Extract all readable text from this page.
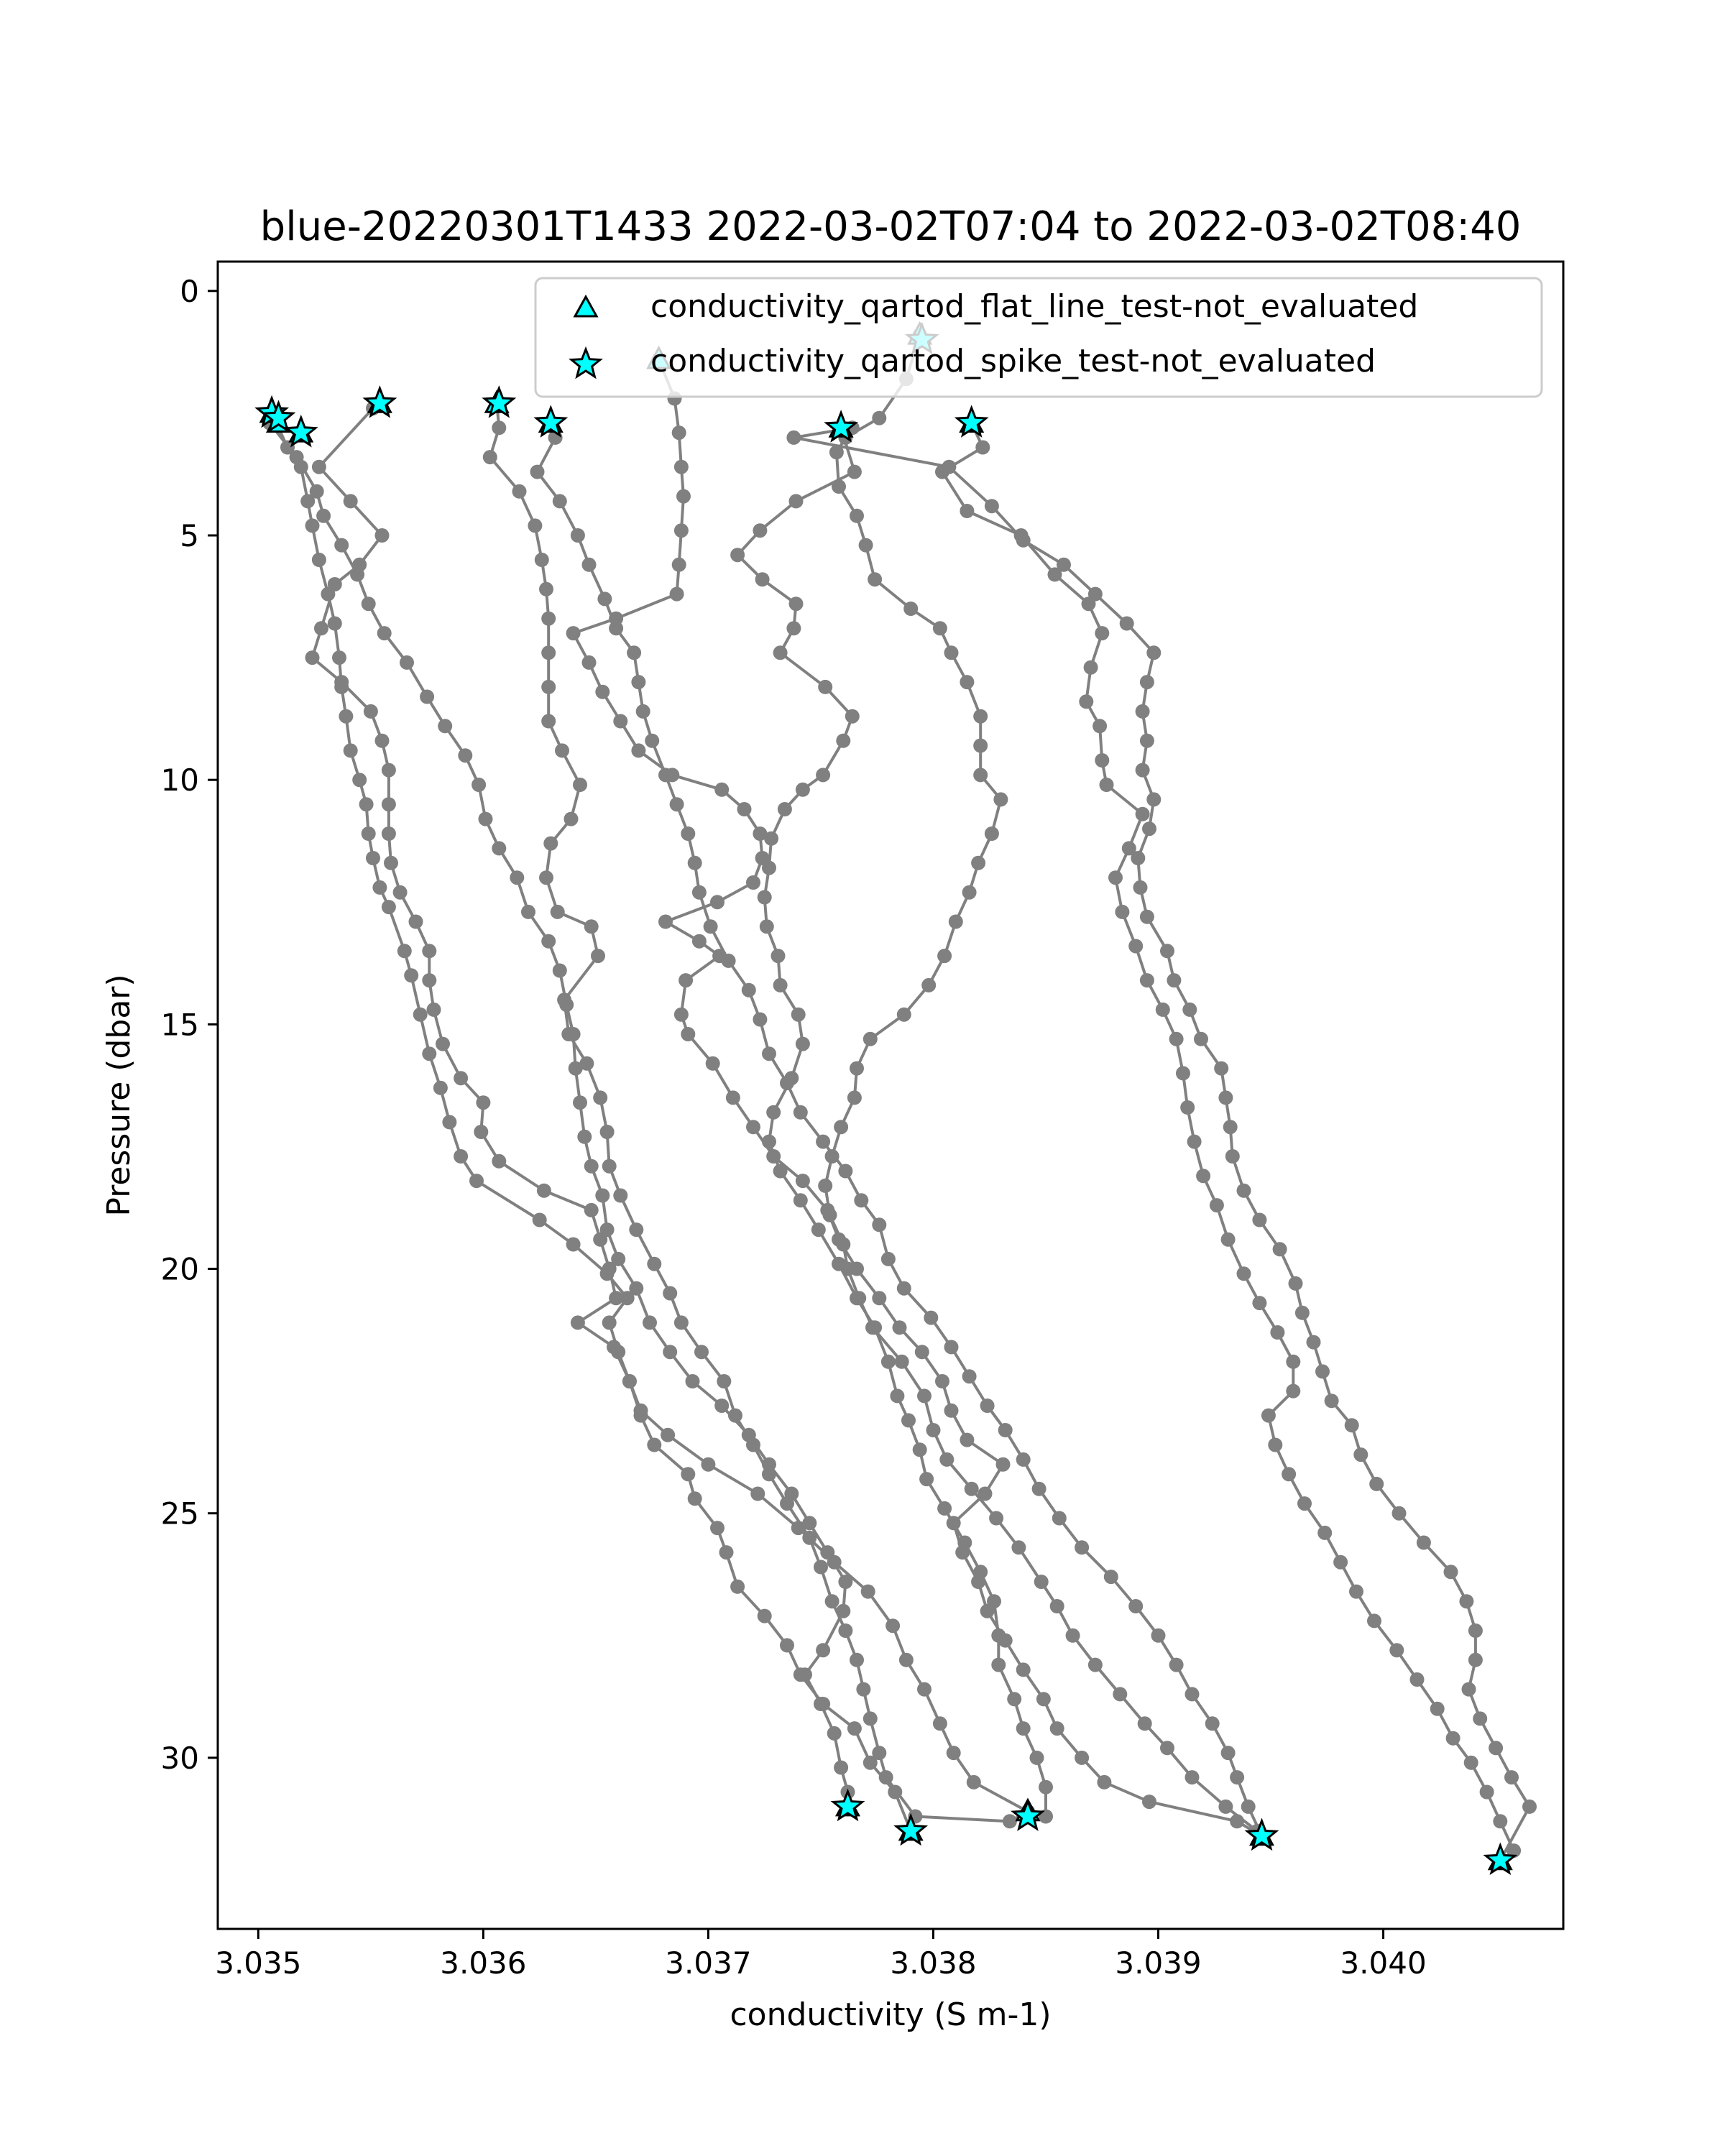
3.035	3.036	3.037	3.038	3.039	3.040
0
5
10
15
20
25
30
blue-20220301T1433 2022-03-02T07:04 to 2022-03-02T08:40
conductivity (S m-1)
Pressure (dbar)
conductivity_qartod_flat_line_test-not_evaluated
conductivity_qartod_spike_test-not_evaluated
